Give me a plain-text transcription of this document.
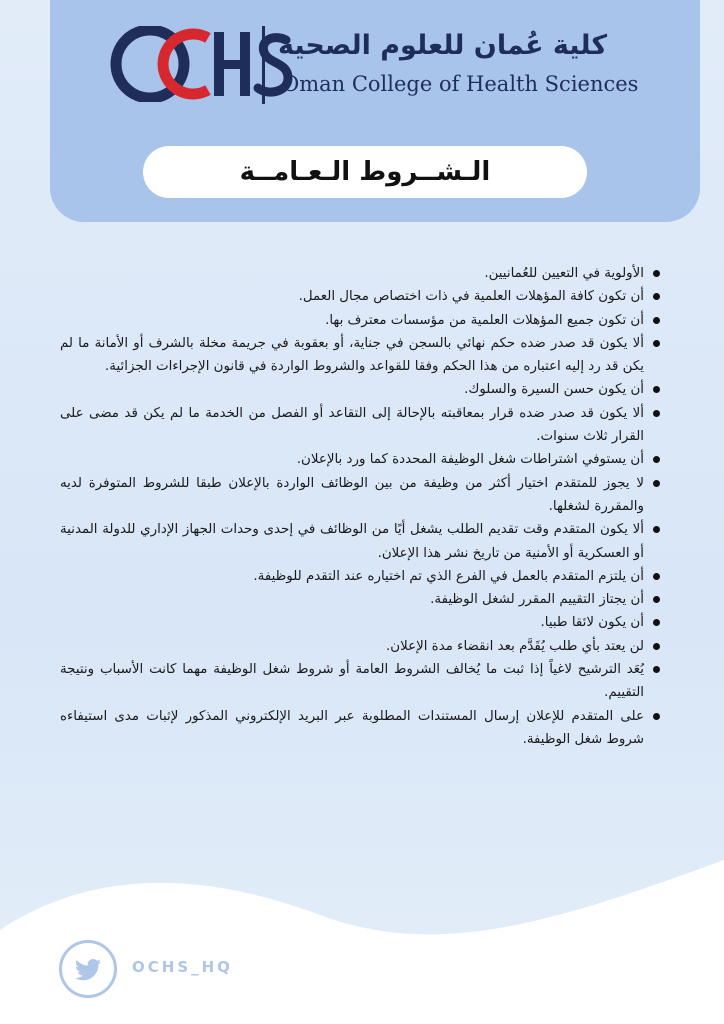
كلية عُمان للعلوم الصحية
Oman College of Health Sciences
الـشــروط الـعـامــة
الأولوية في التعيين للعُمانيين.
أن تكون كافة المؤهلات العلمية في ذات اختصاص مجال العمل.
أن تكون جميع المؤهلات العلمية من مؤسسات معترف بها.
ألا يكون قد صدر ضده حكم نهائي بالسجن في جناية، أو بعقوبة في جريمة مخلة بالشرف أو الأمانة ما لم يكن قد رد إليه اعتباره من هذا الحكم وفقا للقواعد والشروط الواردة في قانون الإجراءات الجزائية.
أن يكون حسن السيرة والسلوك.
ألا يكون قد صدر ضده قرار بمعاقبته بالإحالة إلى التقاعد أو الفصل من الخدمة ما لم يكن قد مضى على القرار ثلاث سنوات.
أن يستوفي اشتراطات شغل الوظيفة المحددة كما ورد بالإعلان.
لا يجوز للمتقدم اختيار أكثر من وظيفة من بين الوظائف الواردة بالإعلان طبقا للشروط المتوفرة لديه والمقررة لشغلها.
ألا يكون المتقدم وقت تقديم الطلب يشغل أيًا من الوظائف في إحدى وحدات الجهاز الإداري للدولة المدنية أو العسكرية أو الأمنية من تاريخ نشر هذا الإعلان.
أن يلتزم المتقدم بالعمل في الفرع الذي تم اختياره عند التقدم للوظيفة.
أن يجتاز التقييم المقرر لشغل الوظيفة.
أن يكون لائقا طبيا.
لن يعتد بأي طلب يُقَدَّم بعد انقضاء مدة الإعلان.
يُعَد الترشيح لاغياً إذا ثبت ما يُخالف الشروط العامة أو شروط شغل الوظيفة مهما كانت الأسباب ونتيجة التقييم.
على المتقدم للإعلان إرسال المستندات المطلوبة عبر البريد الإلكتروني المذكور لإثبات مدى استيفاءه شروط شغل الوظيفة.
OCHS_HQ
